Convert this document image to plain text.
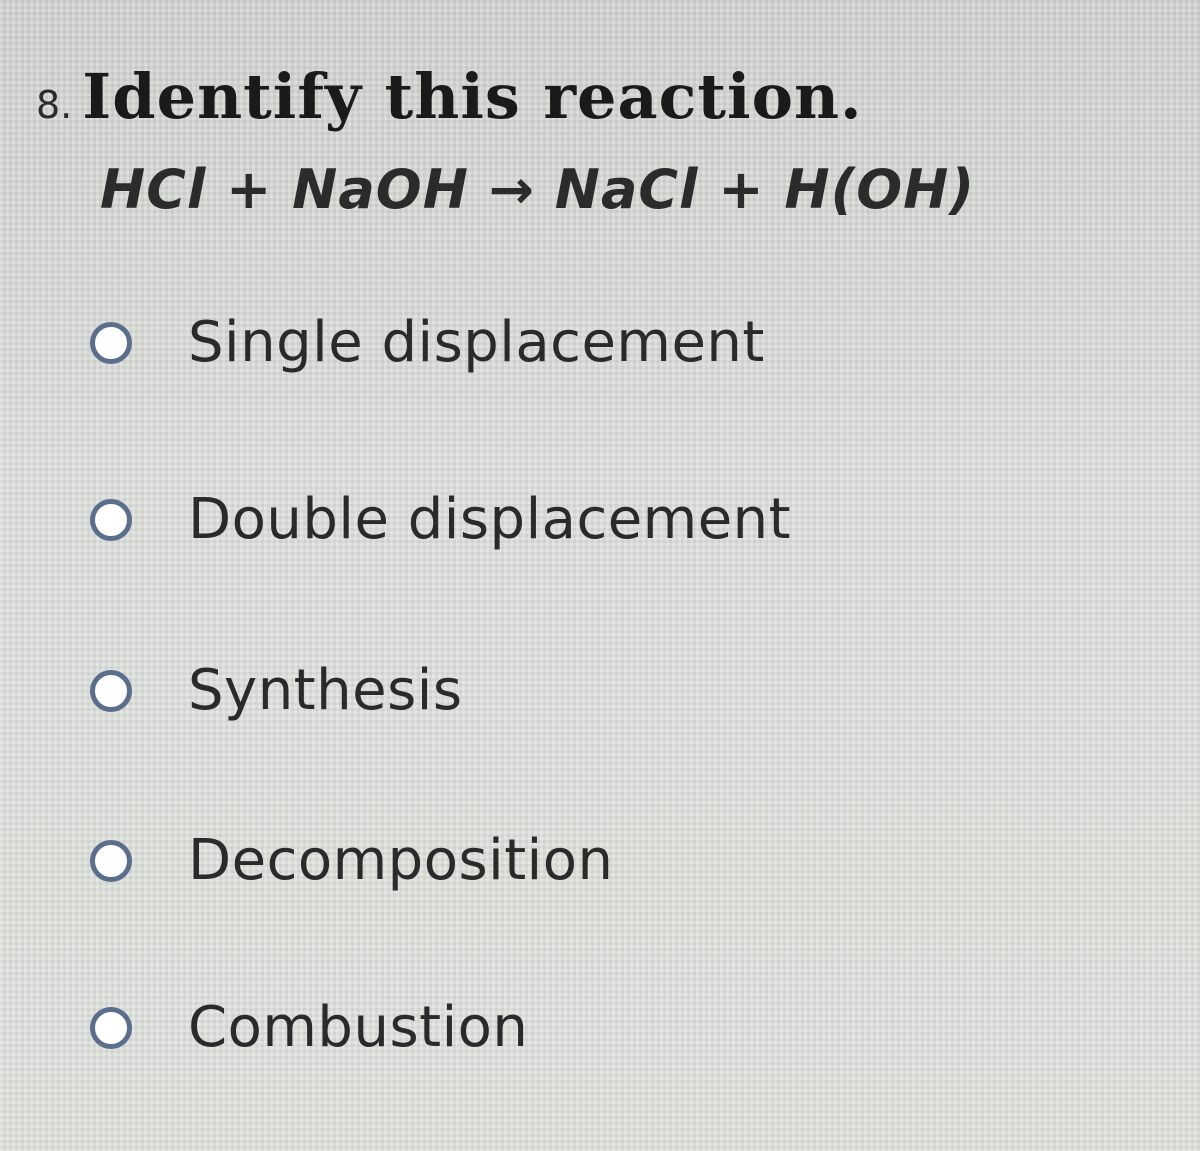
8. Identify this reaction.
HCl + NaOH → NaCl + H(OH)
Single displacement
Double displacement
Synthesis
Decomposition
Combustion
